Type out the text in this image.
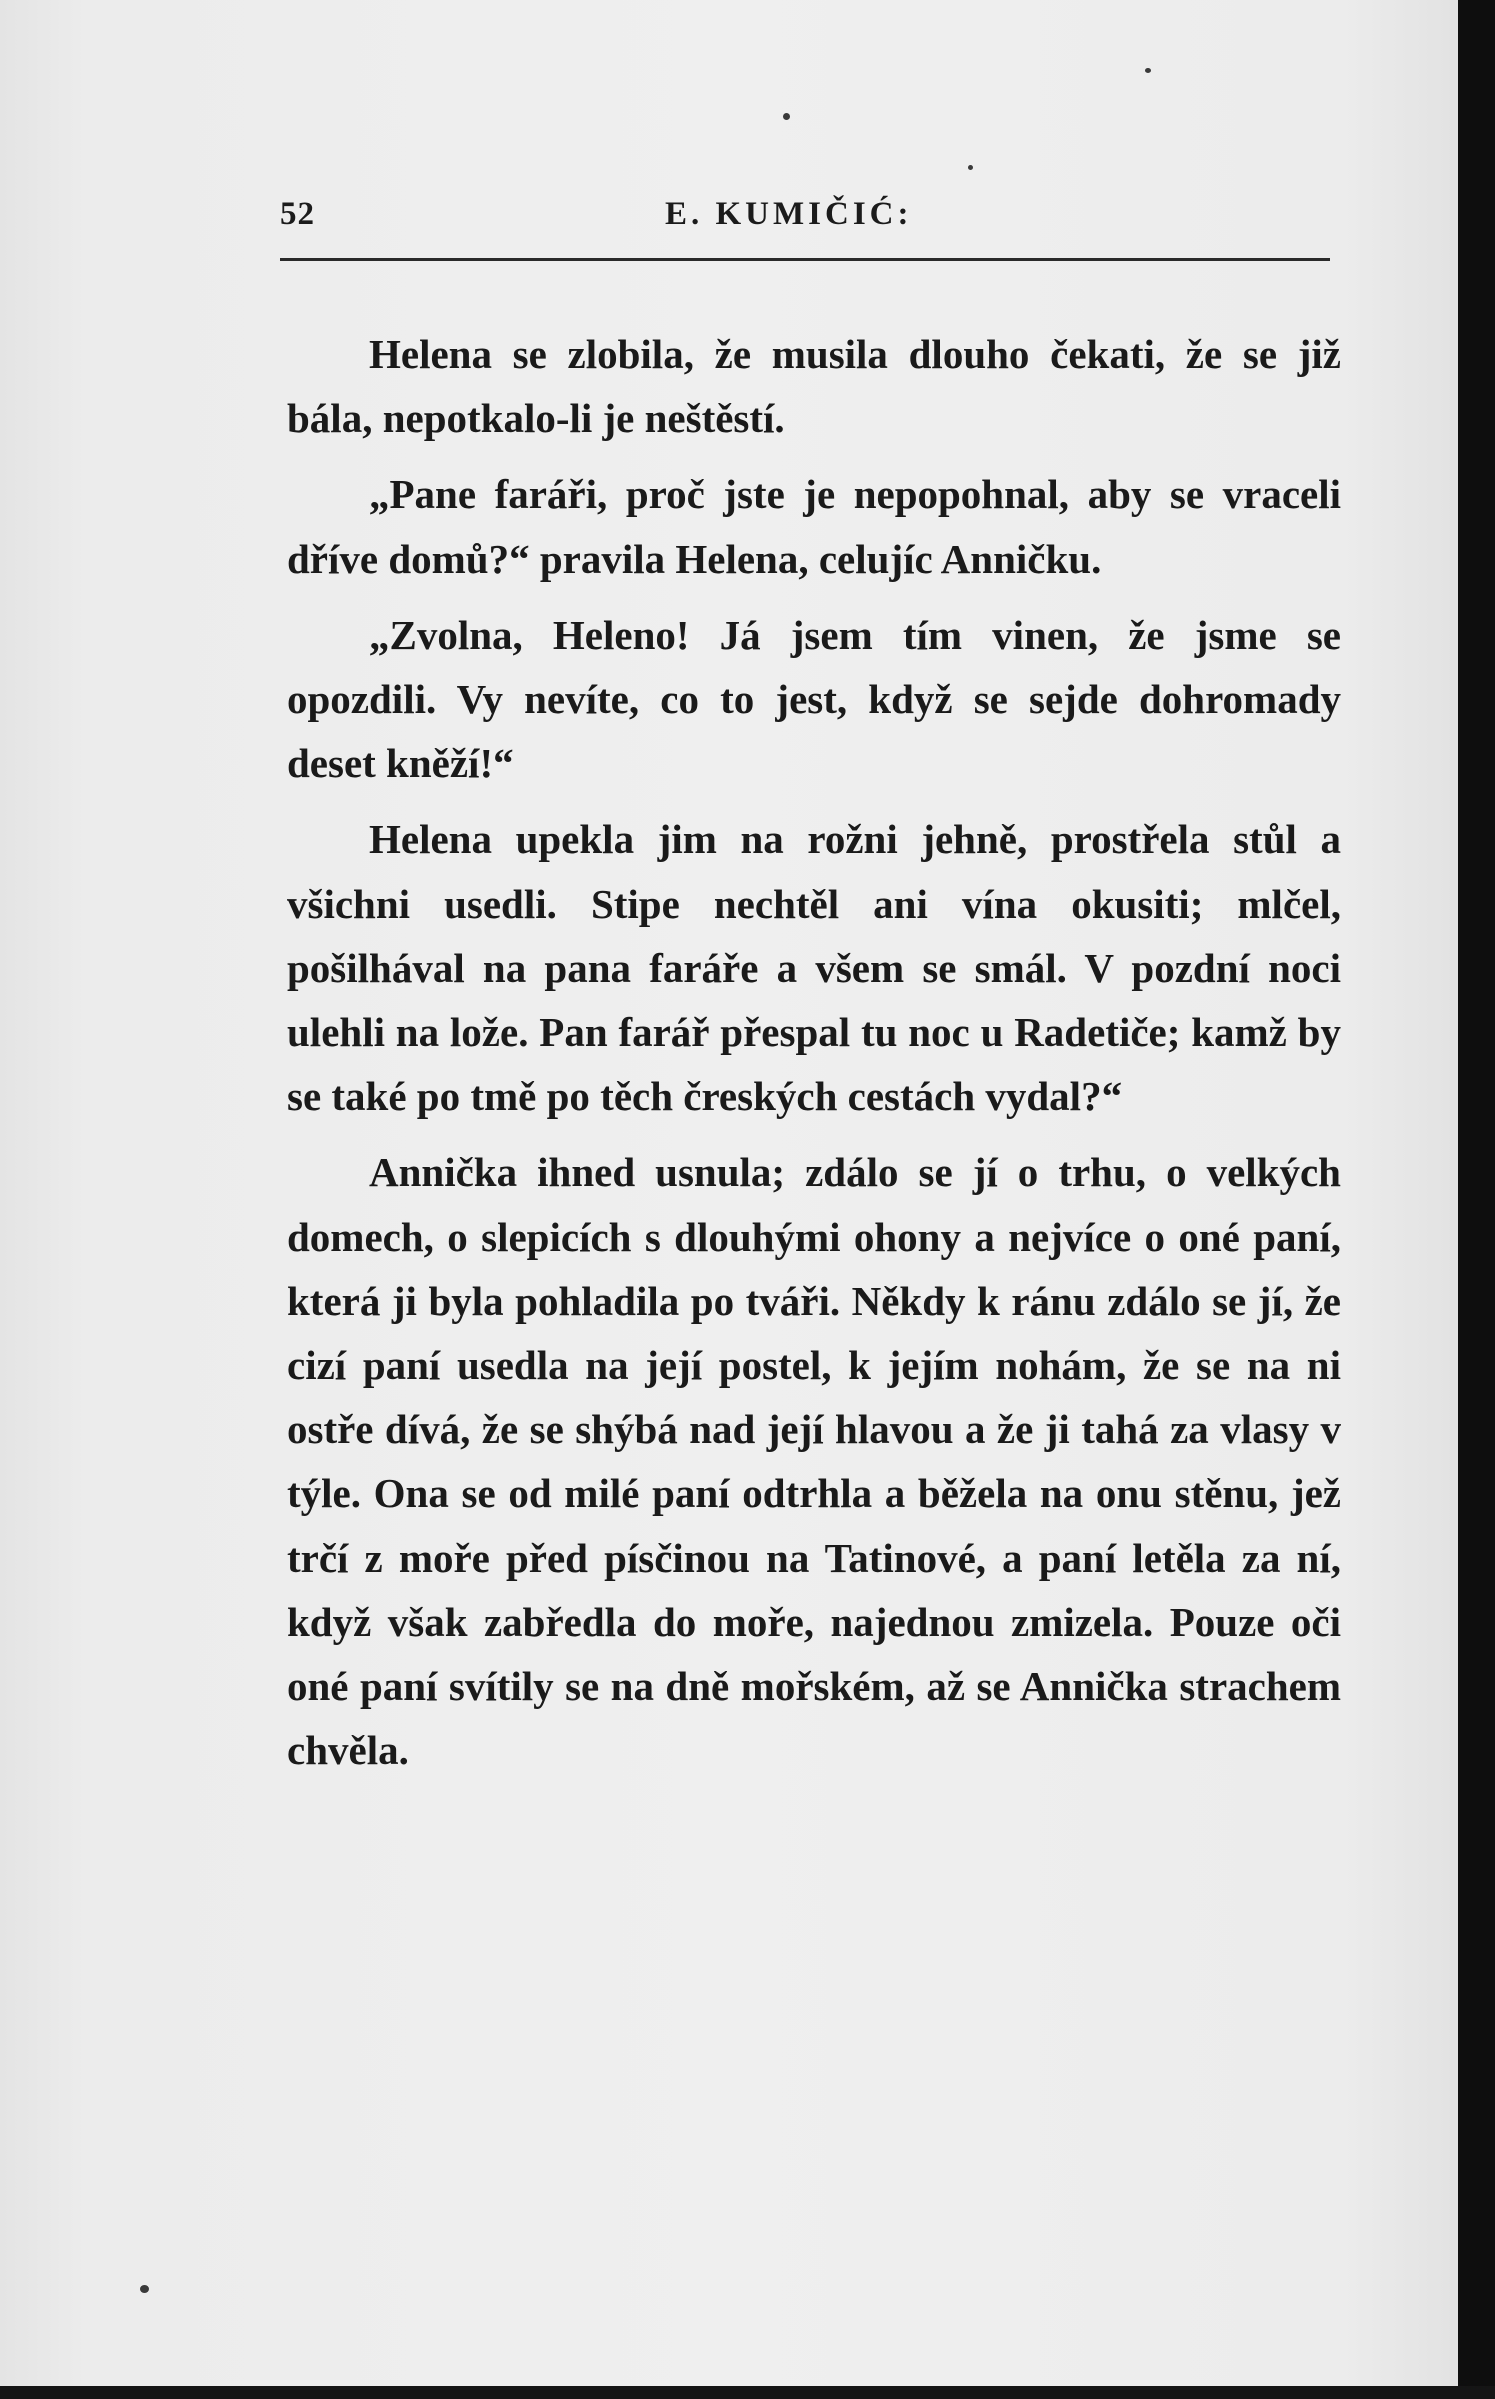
52	E. KUMIČIĆ:

Helena se zlobila, že musila dlouho čekati, že se již bála, nepotkalo-li je neštěstí.

„Pane faráři, proč jste je nepopohnal, aby se vraceli dříve domů?“ pravila Helena, celujíc Anničku.

„Zvolna, Heleno! Já jsem tím vinen, že jsme se opozdili. Vy nevíte, co to jest, když se sejde dohromady deset kněží!“

Helena upekla jim na rožni jehně, prostřela stůl a všichni usedli. Stipe nechtěl ani vína okusiti; mlčel, pošilhával na pana faráře a všem se smál. V pozdní noci ulehli na lože. Pan farář přespal tu noc u Radetiče; kamž by se také po tmě po těch čreských cestách vydal?“

Annička ihned usnula; zdálo se jí o trhu, o velkých domech, o slepicích s dlouhými ohony a nejvíce o oné paní, která ji byla pohladila po tváři. Někdy k ránu zdálo se jí, že cizí paní usedla na její postel, k jejím nohám, že se na ni ostře dívá, že se shýbá nad její hlavou a že ji tahá za vlasy v týle. Ona se od milé paní odtrhla a běžela na onu stěnu, jež trčí z moře před písčinou na Tatinové, a paní letěla za ní, když však zabředla do moře, najednou zmizela. Pouze oči oné paní svítily se na dně mořském, až se Annička strachem chvěla.
